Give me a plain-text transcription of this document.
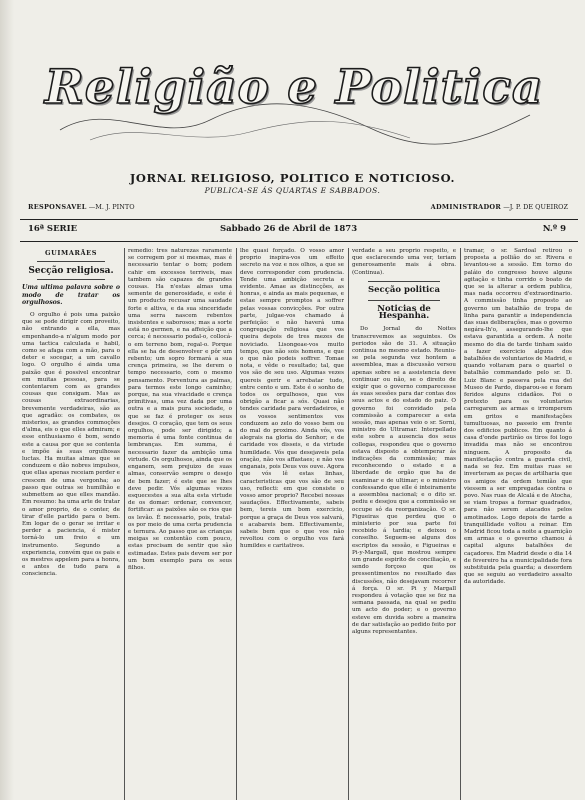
Religião e Politica
JORNAL RELIGIOSO, POLITICO E NOTICIOSO.
PUBLICA-SE ÁS QUARTAS E SABBADOS.
RESPONSAVEL —M. J. PINTO	ADMINISTRADOR —J. P. DE QUEIROZ
16ª SERIE	Sabbado 26 de Abril de 1873	N.º 9
GUIMARÃES
Secção religiosa.

Uma ultima palavra sobre o modo de tratar os orgulhosos.

O orgulho é pois uma paixão que se pode dirigir com proveito, não entrando a ella, mas empenhando-a n'algum modo por uma tactica calculada e habil, como se afaga com a mão, para o deter e socegar, a um cavallo logo. O orgulho é ainda uma paixão que é possivel encontrar em muitas pessoas, para se contentarem com as grandes cousas que consigam. Mas as cousas extraordinarias, brevemente verdadeiras, são as que agradão: os combates, os misterios, as grandes commoções d'alma, eis o que elles admiram; e esse enthusiasmo é bom, sendo este a causa por que se contenta e impõe ás suas orgulhosas luctas. Ha muitas almas que se conduzem e dão nobres impulsos, que ellas apenas receiam perder e crescem de uma vergonha; ao passo que outras se humilhão e submettem ao que elles mandão. Em resumo: ha uma arte de tratar o amor proprio, de o conter, de tirar d'elle partido para o bem. Em logar de o gerar se irritar e perder a paciencia, é mister torná-lo um freio e um instrumento. Segundo a experiencia, convém que os pais e os mestres appelem para a honra, e antes de tudo para a consciencia.

remedio: tres naturezas raramente se corregem por si mesmas, mas é necessario tentar o bom; podem cahir em excessos terriveis, mas tambem são capazes de grandes cousas. Ha n'estas almas uma semente de generosidade, e este é um producto recusar uma saudade forte e altiva, e da sua sinceridade uma serra nascem rebentos insistentes e saborosos; mas a sorte está no germen, e na affeição que a cerca; é necessario podal-o, collocá-o em terreno bom, regal-o. Porque ella se ha de desenvolver e pôr um rebento; um sopro formará a sua crença primeira, se lhe derem o tempo necessario, com o mesmo pensamento. Porventura as palmas, para termos este longo caminho; porque, na sua vivacidade e crença primitivas, uma vez dada por uma outra e a mais pura sociedade, o que se faz é proteger os seus desejos. O coração, que tem os seus orgulhos, pode ser dirigido; a memoria é uma fonte continua de lembranças. Em summa, é necessario fazer da ambição uma virtude. Os orgulhosos, ainda que os enganem, sem prejuizo de suas almas, conservão sempre o desejo de bem fazer; é este que se lhes deve pedir. Vós algumas vezes esquecestes a sua alta esta virtude de os domar: ordenar, convencer, fortificar: as paixões são os rios que os levão. É necessario, pois, tratal-os por meio de uma certa prudencia e ternura. Ao passo que as crianças meigas se contentão com pouco, estas precisam de sentir que são estimadas. Estes pais devem ser por um bom exemplo para os seus filhos.

lhe quasi forçado. O vosso amor proprio inspira-vos um effeito secreto na voz e nos olhos, a que se deve corresponder com prudencia. Tende uma ambição secreta e evidente. Amae as distincções, as honras, e ainda as mais pequenas, e estae sempre promptos a soffrer pelas vossas convicções. Por outra parte, julgae-vos chamado á perfeição: e não haverá uma congregação religiosa que vos queira depois de tres mezes de noviciado. Lisongeae-vos muito tempo, que não sois homens, e que o que não podeis soffrer. Tomae nota, e vêde o resultado; tal, que vos são de seu uso. Algumas vezes quereis gerir e arrebatar tudo, entre cento e um. Este é o sonho de todos os orgulhosos, que vos obrigão a ficar a sós. Quasi não tendes caridade para verdadeiros, e os vossos sentimentos vos conduzem ao zelo do vosso bem ou do mal do proximo. Ainda vós, vos alegrais na gloria do Senhor; e de caridade vos disseis, e da virtude humildade. Vós que desejaveis pela oração, não vos affastaes; e não vos enganais, pois Deus vos ouve. Agora que vós lê estas linhas, caracteristicas que vos são de seu uso, reflecti: em que consiste o vosso amor proprio? Recebei nossas saudações. Effectivamente, sabeis bem, tereis um bom exercicio, porque a graça de Deus vos salvará, e acabareis bem. Effectivamente, sabeis bem que o que vos não revoltou com o orgulho vos fará humildes e caritativos.

verdade a seu proprio respeito, e que esclarecendo uma ver, teriam generosamente mais á obra. (Continua).

Secção politica
Noticias de Hespanha.

Do Jornal do Noites transcrevemos as seguintes. Os periodos são de 31. A situação continua no mesmo estado. Reuniu-se pela segunda vez hontem a assemblea, mas a discussão versou apenas sobre se a assistencia deve continuar ou não, se o direito de exigir que o governo comparecesse ás suas sessões para dar contas dos seus actos e do estado do paiz. O governo foi convidado pela commissão a comparecer a esta sessão, mas apenas veio o sr. Sorni, ministro do Ultramar. Interpellado este sobre a ausencia dos seus collegas, respondeu que o governo estava disposto a obtemperar ás indicações da commissão; mas reconhecendo o estado e a liberdade de orgão que ha de examinar e de ultimar; e o ministro confessando que elle é inteiramente a assemblea nacional; e o dito sr. pediu e desejou que a commissão se occupe só da reorganização. O sr. Figueiras que perdeu que o ministerio por sua parte foi recebido á tardia; e deixou o conselho. Seguem-se alguns dos escriptos da sessão, e Figueiras e Pi-y-Margall, que mostrou sempre um grande espirito de conciliação, e sendo forçoso que os pressentimentos no resultado das discussões, não desejavam recorrer á força. O sr. Pi y Margall respondeu á votação que se fez na semana passada, na qual se pediu um acto do poder; e o governo esteve em duvida sobre a maneira de dar satisfação ao pedido feito por alguns representantes.

tramar, o sr. Sardoal retirou o proposta a pollião do sr. Rivera e levantou-se a sessão. Em torno do paláio do congresso houve alguns agitação e tinha corrido o boato de que se ia alterar a ordem publica, mas nada occorreu d'extraordinario. A commissão tinha proposto ao governo um batalhão de tropa de linha para garantir a independencia das suas deliberações, mas o governo negára-lh'o, assegurando-lhe que estava garantida a ordem. Á noite mesmo do dia de tarde tinham saido a fazer exercicio alguns dos batalhões de voluntarios de Madrid, e quando voltaram para o quartel o batalhão commandado pelo sr. D. Luiz Blanc e passeva pela rua del Museo de Pardo, disparou-se e foram feridos alguns cidadãos. Foi o pretexto para os voluntarios carregarem as armas e irromperem em gritos e manifestações tumultuosas, no passeio em frente dos edificios publicos. Em quanto á casa d'onde partirão os tiros foi logo invadida mas não se encontrou ninguem. A proposito da manifestação contra a guarda civil, nada se fez. Em muitas ruas se inverteram as peças de artilharia que os amigos da ordem temião que viessem a ser empregadas contra o povo. Nas ruas de Alcalá e de Atocha, se viam tropas a formar quadrados, para não serem atacados pelos amotinados. Logo depois de tarde a tranquillidade voltou a reinar. Em Madrid ficou toda a noite a guarnição em armas e o governo chamou á capital alguns batalhões de caçadores. Em Madrid desde o dia 14 de fevereiro ha a municipalidade fora substituida pela guarda; a desordem que se seguiu ao verdadeiro assalto da autoridade.
